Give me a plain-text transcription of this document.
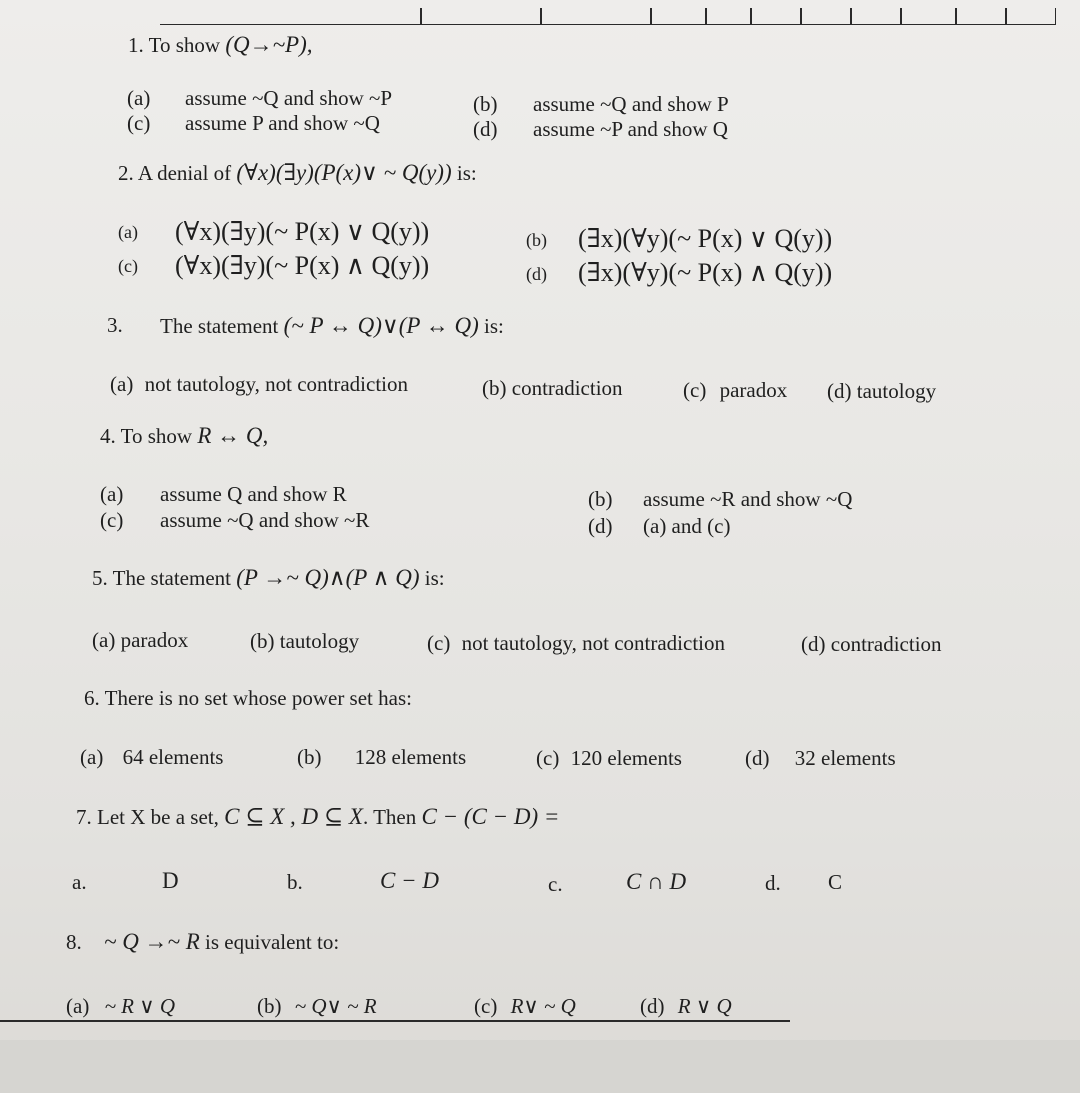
1. To show (Q→~P),
(a) assume ~Q and show ~P	(b) assume ~Q and show P
(c) assume P and show ~Q	(d) assume ~P and show Q
2. A denial of (∀x)(∃y)(P(x)∨ ~ Q(y)) is:
(a) (∀x)(∃y)(~ P(x) ∨ Q(y))	(b) (∃x)(∀y)(~ P(x) ∨ Q(y))
(c) (∀x)(∃y)(~ P(x) ∧ Q(y))	(d) (∃x)(∀y)(~ P(x) ∧ Q(y))
3. The statement (~ P ↔ Q)∨(P ↔ Q) is:
(a) not tautology, not contradiction	(b) contradiction	(c) paradox (d) tautology
4. To show R ↔ Q,
(a) assume Q and show R	(b) assume ~R and show ~Q
(c) assume ~Q and show ~R	(d) (a) and (c)
5. The statement (P →~ Q)∧(P ∧ Q) is:
(a) paradox	(b) tautology	(c) not tautology, not contradiction	(d) contradiction
6. There is no set whose power set has:
(a) 64 elements	(b) 128 elements	(c) 120 elements	(d) 32 elements
7. Let X be a set, C ⊆ X , D ⊆ X. Then C − (C − D) =
a.	D	b.	C − D	c.	C ∩ D	d. C
8. ~ Q →~ R is equivalent to:
(a) ~ R ∨ Q	(b) ~ Q∨ ~ R	(c) R∨ ~ Q	(d) R ∨ Q
